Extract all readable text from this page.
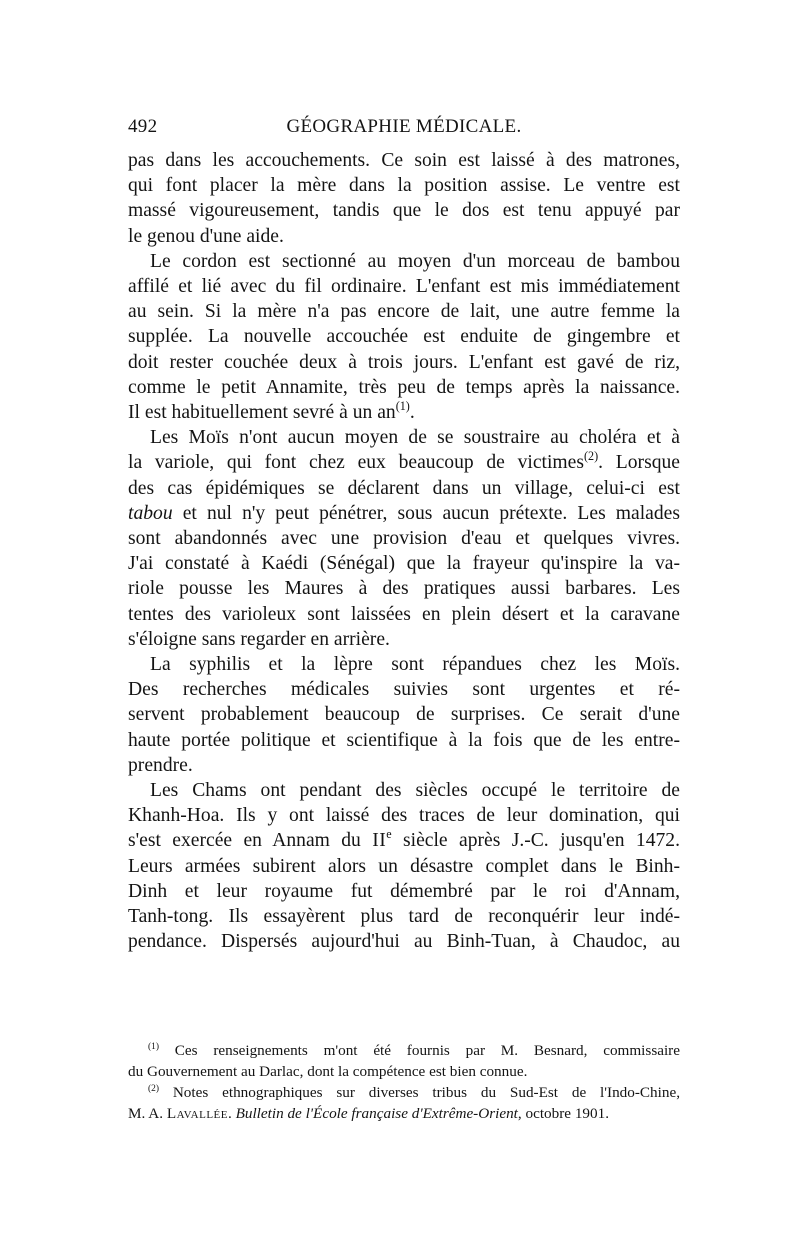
492	GÉOGRAPHIE MÉDICALE.
pas dans les accouchements. Ce soin est laissé à des matrones,
qui font placer la mère dans la position assise. Le ventre est
massé vigoureusement, tandis que le dos est tenu appuyé par
le genou d'une aide.
Le cordon est sectionné au moyen d'un morceau de bambou
affilé et lié avec du fil ordinaire. L'enfant est mis immédiatement
au sein. Si la mère n'a pas encore de lait, une autre femme la
supplée. La nouvelle accouchée est enduite de gingembre et
doit rester couchée deux à trois jours. L'enfant est gavé de riz,
comme le petit Annamite, très peu de temps après la naissance.
Il est habituellement sevré à un $an^{(1)}$.
Les Moïs n'ont aucun moyen de se soustraire au choléra et à
la variole, qui font chez eux beaucoup de victimes$^{(2)}$. Lorsque
des cas épidémiques se déclarent dans un village, celui-ci est
tabou et nul n'y peut pénétrer, sous aucun prétexte. Les malades
sont abandonnés avec une provision d'eau et quelques vivres.
J'ai constaté à Kaédi (Sénégal) que la frayeur qu'inspire la va-
riole pousse les Maures à des pratiques aussi barbares. Les
tentes des varioleux sont laissées en plein désert et la caravane
s'éloigne sans regarder en arrière.
La syphilis et la lèpre sont répandues chez les Moïs.
Des recherches médicales suivies sont urgentes et ré-
servent probablement beaucoup de surprises. Ce serait d'une
haute portée politique et scientifique à la fois que de les entre-
prendre.
Les Chams ont pendant des siècles occupé le territoire de
Khanh-Hoa. Ils y ont laissé des traces de leur domination, qui
s'est exercée en Annam du IIe siècle après J.-C. jusqu'en 1472.
Leurs armées subirent alors un désastre complet dans le Binh-
Dinh et leur royaume fut démembré par le roi d'Annam,
Tanh-tong. Ils essayèrent plus tard de reconquérir leur indé-
pendance. Dispersés aujourd'hui au Binh-Tuan, à Chaudoc, au
$^{(1)}$ Ces renseignements m'ont été fournis par M. Besnard, commissaire
du Gouvernement au Darlac, dont la compétence est bien connue.
$^{(2)}$ Notes ethnographiques sur diverses tribus du Sud-Est de l'Indo-Chine,
M. A. Lavallée. Bulletin de l'École française d'Extrême-Orient, octobre 1901.
